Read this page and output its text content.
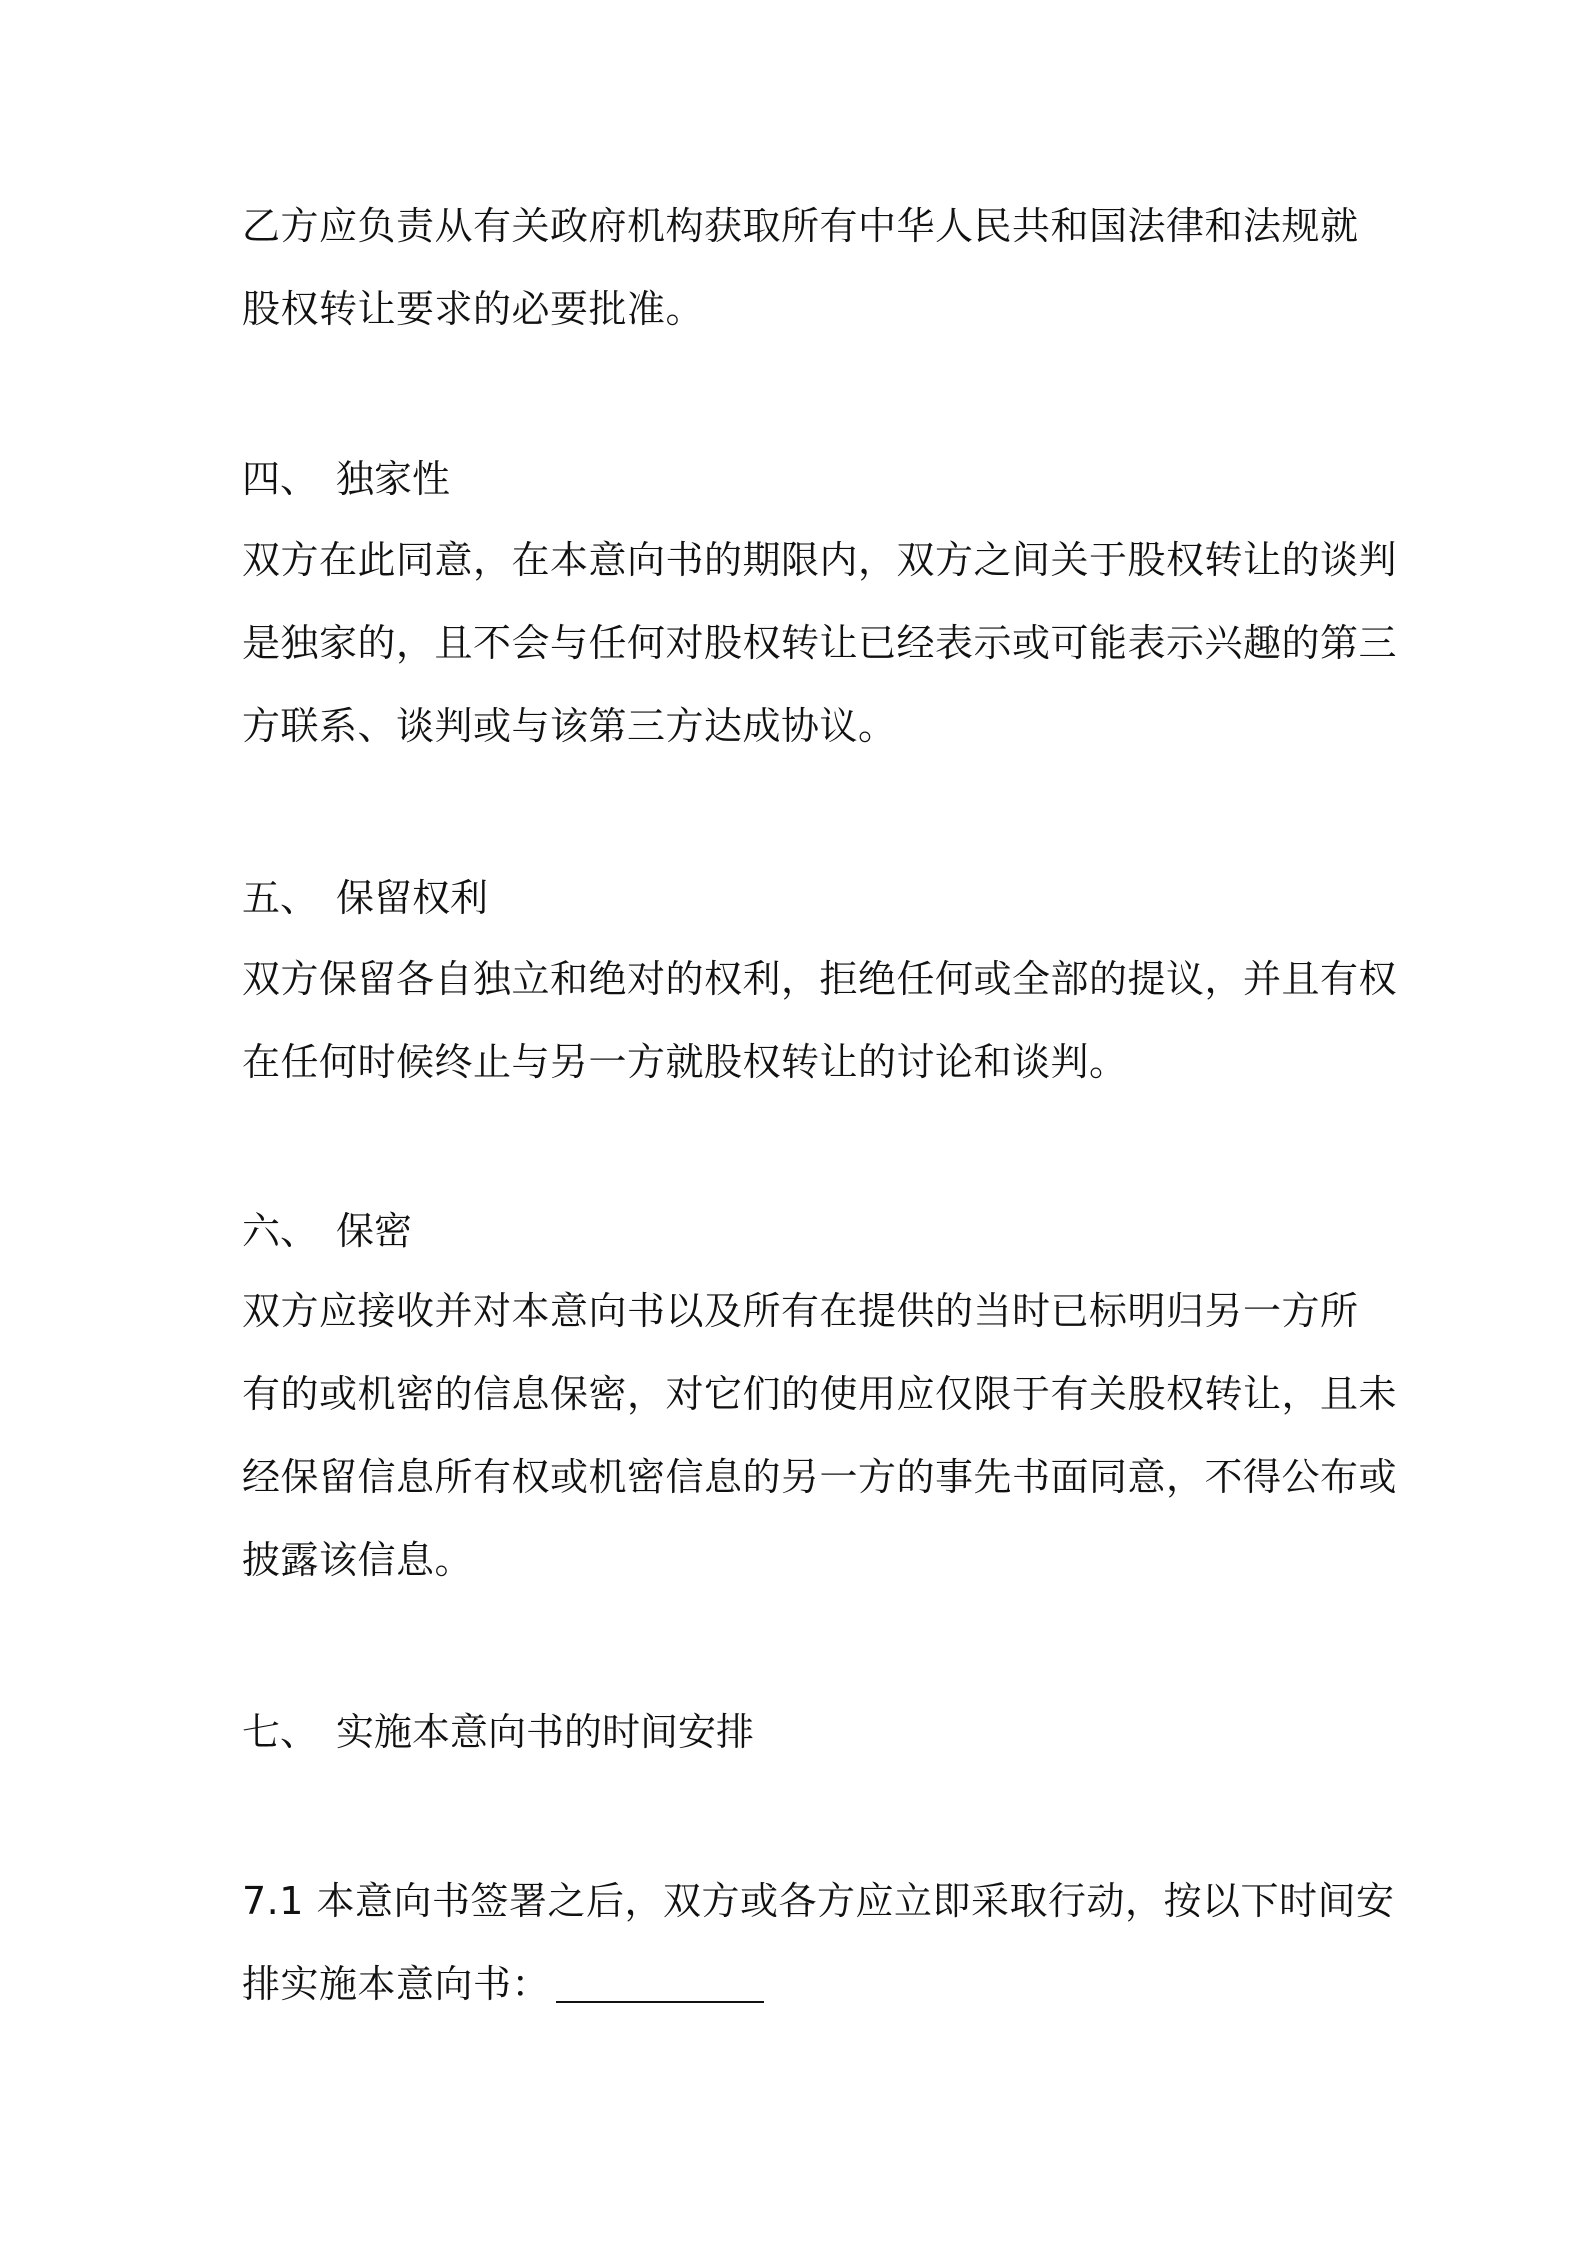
乙方应负责从有关政府机构获取所有中华人民共和国法律和法规就
股权转让要求的必要批准。
四、 独家性
双方在此同意，在本意向书的期限内，双方之间关于股权转让的谈判
是独家的，且不会与任何对股权转让已经表示或可能表示兴趣的第三
方联系、谈判或与该第三方达成协议。
五、 保留权利
双方保留各自独立和绝对的权利，拒绝任何或全部的提议，并且有权
在任何时候终止与另一方就股权转让的讨论和谈判。
六、 保密
双方应接收并对本意向书以及所有在提供的当时已标明归另一方所
有的或机密的信息保密，对它们的使用应仅限于有关股权转让，且未
经保留信息所有权或机密信息的另一方的事先书面同意，不得公布或
披露该信息。
七、 实施本意向书的时间安排
7.1 本意向书签署之后，双方或各方应立即采取行动，按以下时间安
排实施本意向书：
